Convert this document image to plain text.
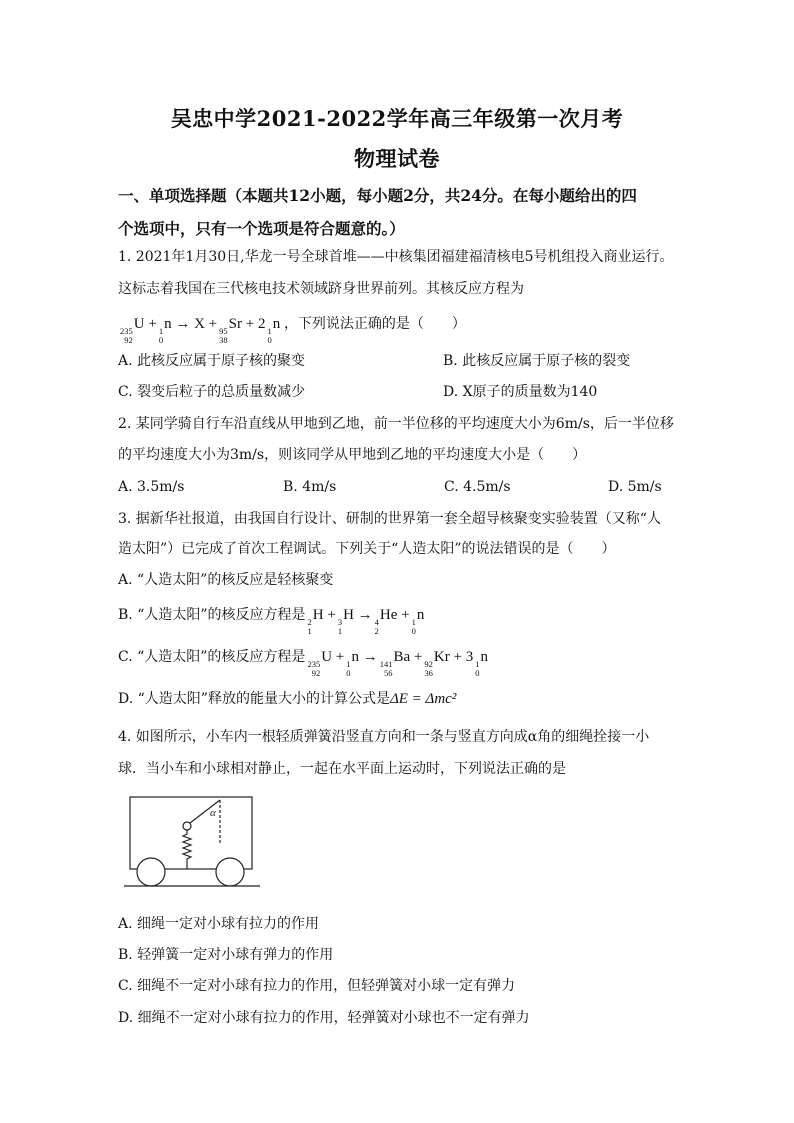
吴忠中学2021-2022学年高三年级第一次月考
物理试卷
一、单项选择题（本题共12小题，每小题2分，共24分。在每小题给出的四
个选项中，只有一个选项是符合题意的。）
1. 2021年1月30日,华龙一号全球首堆——中核集团福建福清核电5号机组投入商业运行。
这标志着我国在三代核电技术领域跻身世界前列。其核反应方程为
235
92
U + 1
0
n → X + 95
38
Sr + 2 1
0
n ，下列说法正确的是（　　）
A. 此核反应属于原子核的聚变	B. 此核反应属于原子核的裂变
C. 裂变后粒子的总质量数减少	D. X原子的质量数为140
2. 某同学骑自行车沿直线从甲地到乙地，前一半位移的平均速度大小为6m/s，后一半位移
的平均速度大小为3m/s，则该同学从甲地到乙地的平均速度大小是（　　）
A. 3.5m/s	B. 4m/s	C. 4.5m/s	D. 5m/s
3. 据新华社报道，由我国自行设计、研制的世界第一套全超导核聚变实验装置（又称“人
造太阳”）已完成了首次工程调试。下列关于“人造太阳”的说法错误的是（　　）
A. “人造太阳”的核反应是轻核聚变
B. “人造太阳”的核反应方程是 2
1
H + 3
1
H → 4
2
He + 1
0
n
C. “人造太阳”的核反应方程是 235
92
U + 1
0
n → 141
56
Ba + 92
36
Kr + 3 1
0
n
D. “人造太阳”释放的能量大小的计算公式是ΔE = Δmc²
4. 如图所示，小车内一根轻质弹簧沿竖直方向和一条与竖直方向成α角的细绳拴接一小
球．当小车和小球相对静止，一起在水平面上运动时，下列说法正确的是
α
A. 细绳一定对小球有拉力的作用
B. 轻弹簧一定对小球有弹力的作用
C. 细绳不一定对小球有拉力的作用，但轻弹簧对小球一定有弹力
D. 细绳不一定对小球有拉力的作用，轻弹簧对小球也不一定有弹力
